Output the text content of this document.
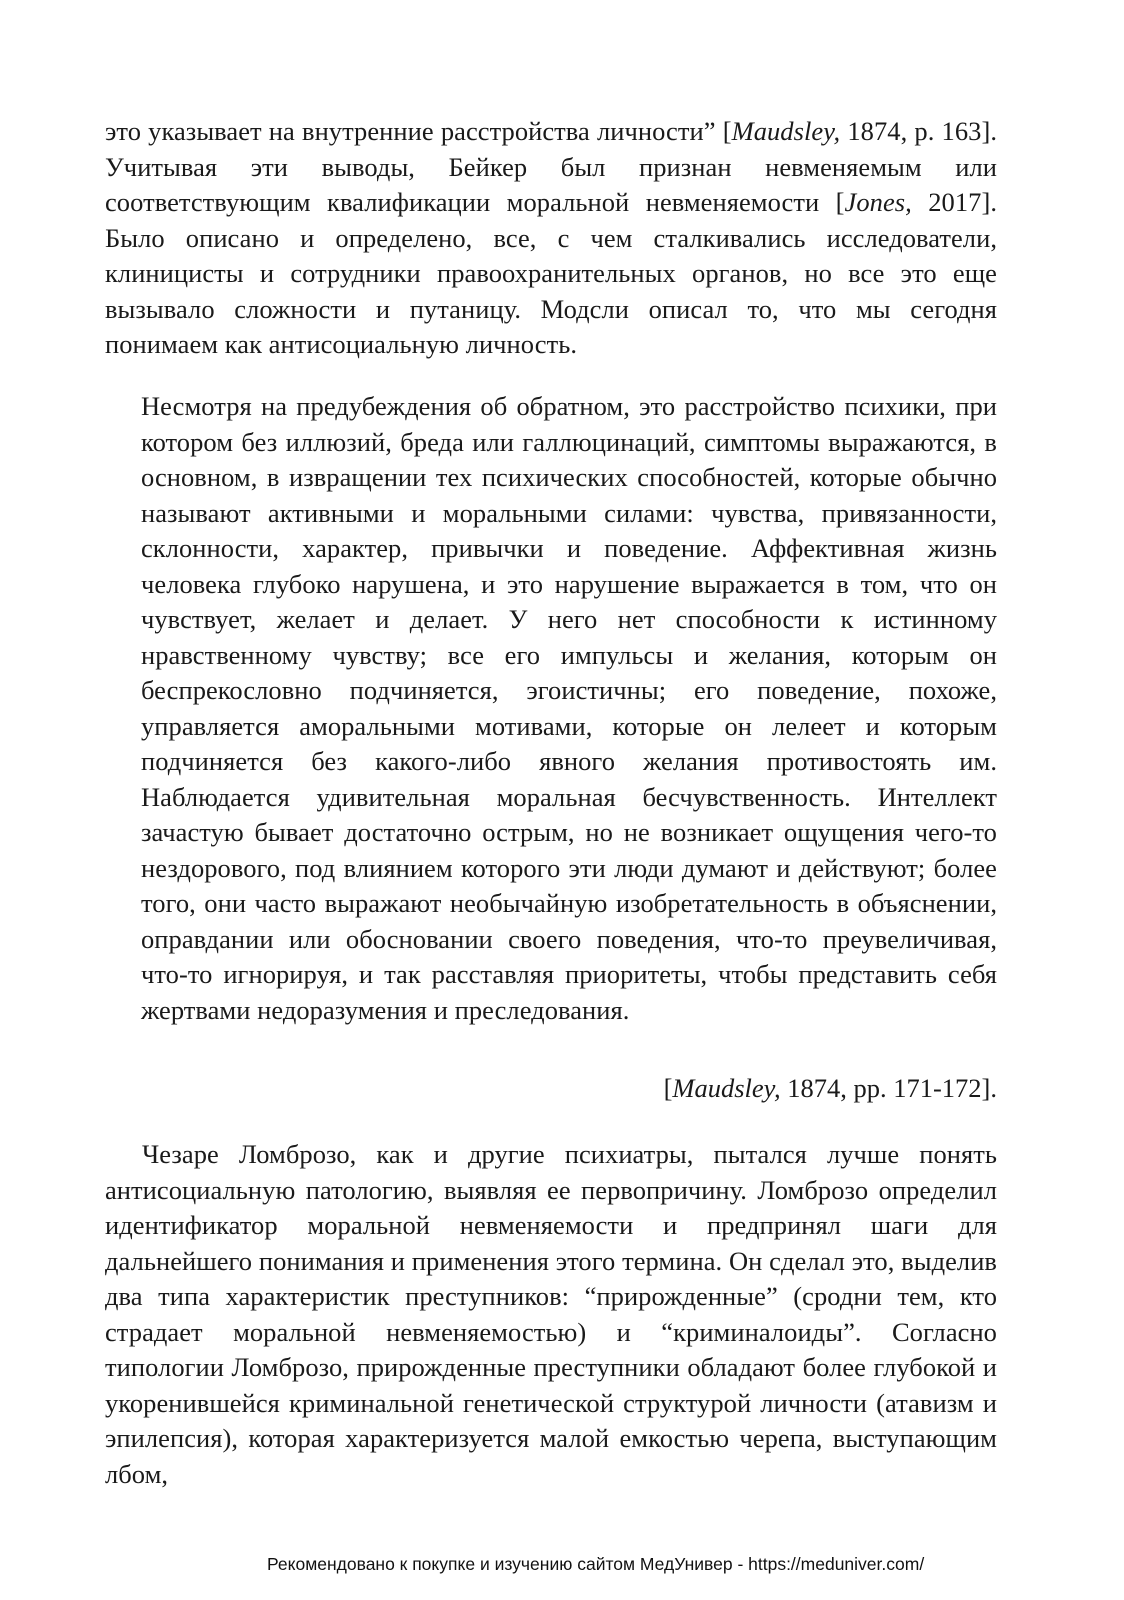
это указывает на внутренние расстройства личности” [Maudsley, 1874, p. 163]. Учитывая эти выводы, Бейкер был признан невменяемым или соответствующим квалификации моральной невменяемости [Jones, 2017]. Было описано и определено, все, с чем сталкивались исследователи, клиницисты и сотрудники правоохранительных органов, но все это еще вызывало сложности и путаницу. Модсли описал то, что мы сегодня понимаем как антисоциальную личность.

Несмотря на предубеждения об обратном, это расстройство психики, при котором без иллюзий, бреда или галлюцинаций, симптомы выражаются, в основном, в извращении тех психических способностей, которые обычно называют активными и моральными силами: чувства, привязанности, склонности, характер, привычки и поведение. Аффективная жизнь человека глубоко нарушена, и это нарушение выражается в том, что он чувствует, желает и делает. У него нет способности к истинному нравственному чувству; все его импульсы и желания, которым он беспрекословно подчиняется, эгоистичны; его поведение, похоже, управляется аморальными мотивами, которые он лелеет и которым подчиняется без какого-либо явного желания противостоять им. Наблюдается удивительная моральная бесчувственность. Интеллект зачастую бывает достаточно острым, но не возникает ощущения чего-то нездорового, под влиянием которого эти люди думают и действуют; более того, они часто выражают необычайную изобретательность в объяснении, оправдании или обосновании своего поведения, что-то преувеличивая, что-то игнорируя, и так расставляя приоритеты, чтобы представить себя жертвами недоразумения и преследования.

[Maudsley, 1874, pp. 171-172].

Чезаре Ломброзо, как и другие психиатры, пытался лучше понять антисоциальную патологию, выявляя ее первопричину. Ломброзо определил идентификатор моральной невменяемости и предпринял шаги для дальнейшего понимания и применения этого термина. Он сделал это, выделив два типа характеристик преступников: “прирожденные” (сродни тем, кто страдает моральной невменяемостью) и “криминалоиды”. Согласно типологии Ломброзо, прирожденные преступники обладают более глубокой и укоренившейся криминальной генетической структурой личности (атавизм и эпилепсия), которая характеризуется малой емкостью черепа, выступающим лбом,

Рекомендовано к покупке и изучению сайтом МедУнивер - https://meduniver.com/
